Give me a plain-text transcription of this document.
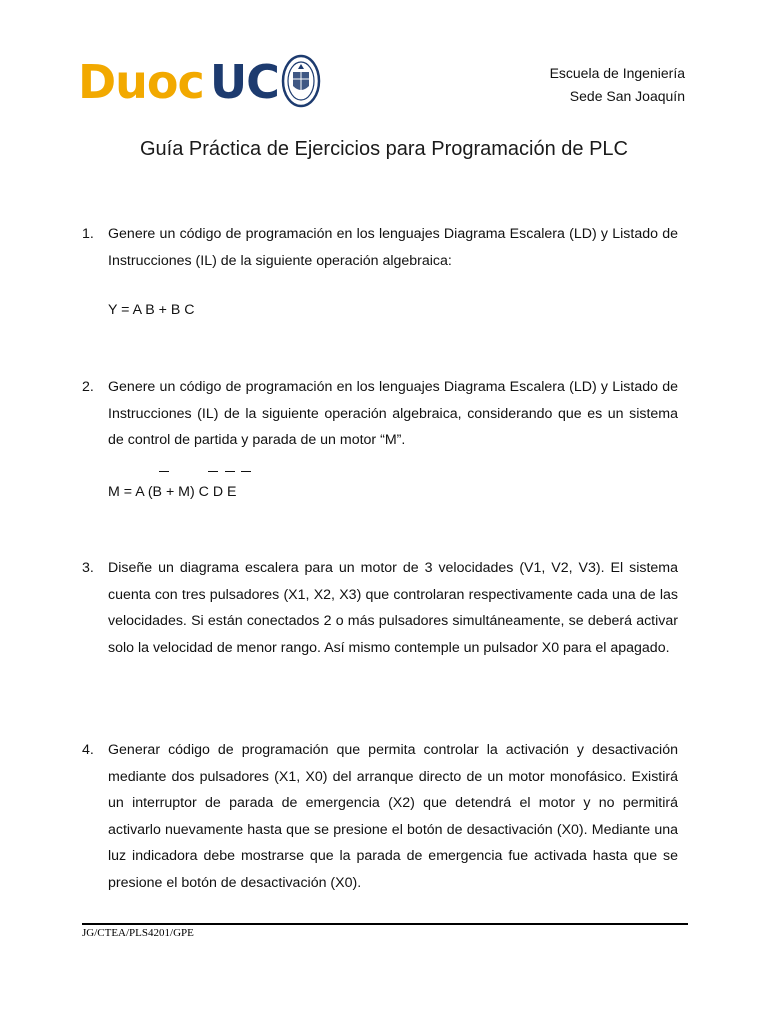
Duoc UC	Escuela de Ingeniería
Sede San Joaquín
Guía Práctica de Ejercicios para Programación de PLC
1. Genere un código de programación en los lenguajes Diagrama Escalera (LD) y Listado de Instrucciones (IL) de la siguiente operación algebraica:
Y = A B + B C
2. Genere un código de programación en los lenguajes Diagrama Escalera (LD) y Listado de Instrucciones (IL) de la siguiente operación algebraica, considerando que es un sistema de control de partida y parada de un motor “M”.
M = A (B + M) C D E
3. Diseñe un diagrama escalera para un motor de 3 velocidades (V1, V2, V3). El sistema cuenta con tres pulsadores (X1, X2, X3) que controlaran respectivamente cada una de las velocidades. Si están conectados 2 o más pulsadores simultáneamente, se deberá activar solo la velocidad de menor rango. Así mismo contemple un pulsador X0 para el apagado.
4. Generar código de programación que permita controlar la activación y desactivación mediante dos pulsadores (X1, X0) del arranque directo de un motor monofásico. Existirá un interruptor de parada de emergencia (X2) que detendrá el motor y no permitirá activarlo nuevamente hasta que se presione el botón de desactivación (X0). Mediante una luz indicadora debe mostrarse que la parada de emergencia fue activada hasta que se presione el botón de desactivación (X0).
JG/CTEA/PLS4201/GPE
